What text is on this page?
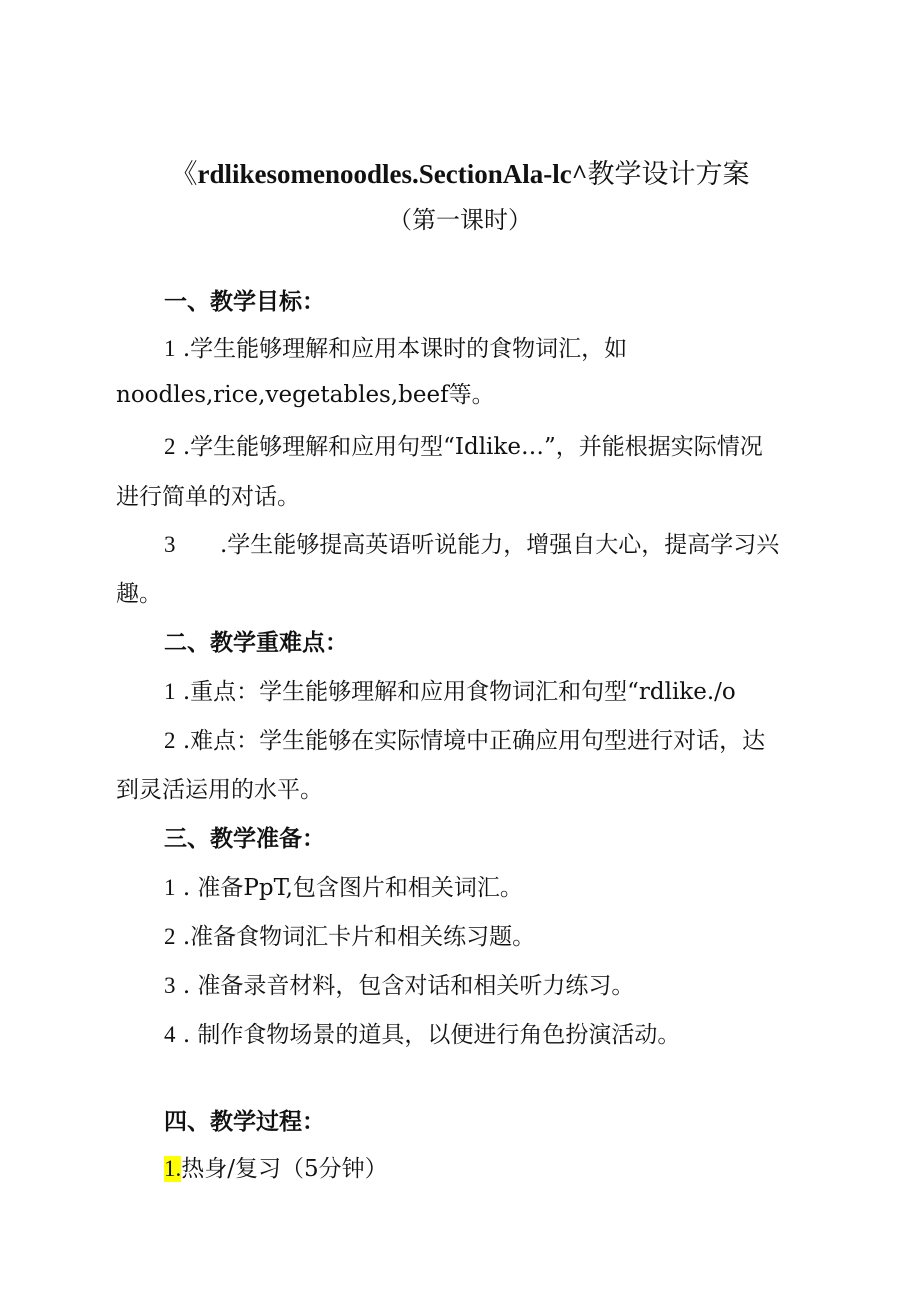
《rdlikesomenoodles.SectionAla-lc^教学设计方案
（第一课时）
一、教学目标：
1 .学生能够理解和应用本课时的食物词汇，如
noodles,rice,vegetables,beef等。
2 .学生能够理解和应用句型“Idlike…”，并能根据实际情况
进行简单的对话。
3 .学生能够提高英语听说能力，增强自大心，提高学习兴
趣。
二、教学重难点：
1 .重点：学生能够理解和应用食物词汇和句型“rdlike./o
2 .难点：学生能够在实际情境中正确应用句型进行对话，达
到灵活运用的水平。
三、教学准备：
1 . 准备PpT,包含图片和相关词汇。
2 .准备食物词汇卡片和相关练习题。
3 . 准备录音材料，包含对话和相关听力练习。
4 . 制作食物场景的道具，以便进行角色扮演活动。
四、教学过程：
1.热身/复习（5分钟）
